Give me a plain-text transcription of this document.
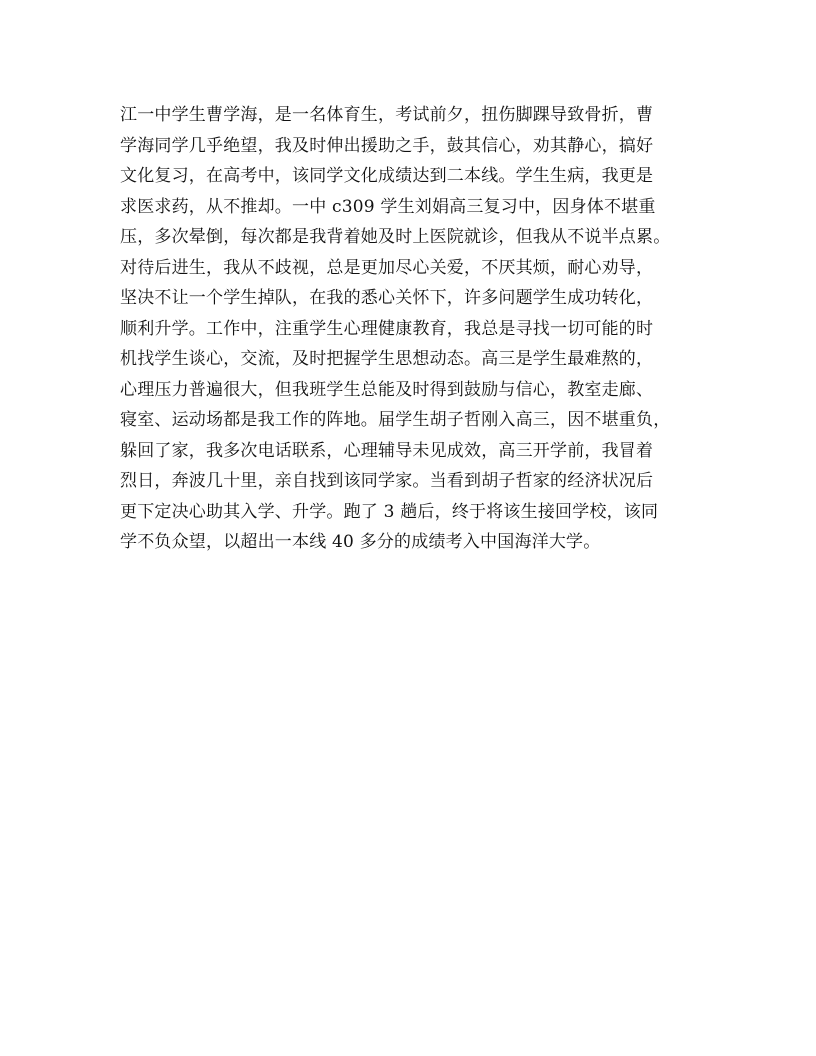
江一中学生曹学海，是一名体育生，考试前夕，扭伤脚踝导致骨折，曹
学海同学几乎绝望，我及时伸出援助之手，鼓其信心，劝其静心，搞好
文化复习，在高考中，该同学文化成绩达到二本线。学生生病，我更是
求医求药，从不推却。一中 c309 学生刘娟高三复习中，因身体不堪重
压，多次晕倒，每次都是我背着她及时上医院就诊，但我从不说半点累。
对待后进生，我从不歧视，总是更加尽心关爱，不厌其烦，耐心劝导，
坚决不让一个学生掉队，在我的悉心关怀下，许多问题学生成功转化，
顺利升学。工作中，注重学生心理健康教育，我总是寻找一切可能的时
机找学生谈心，交流，及时把握学生思想动态。高三是学生最难熬的，
心理压力普遍很大，但我班学生总能及时得到鼓励与信心，教室走廊、
寝室、运动场都是我工作的阵地。届学生胡子哲刚入高三，因不堪重负，
躲回了家，我多次电话联系，心理辅导未见成效，高三开学前，我冒着
烈日，奔波几十里，亲自找到该同学家。当看到胡子哲家的经济状况后
更下定决心助其入学、升学。跑了 3 趟后，终于将该生接回学校，该同
学不负众望，以超出一本线 40 多分的成绩考入中国海洋大学。
